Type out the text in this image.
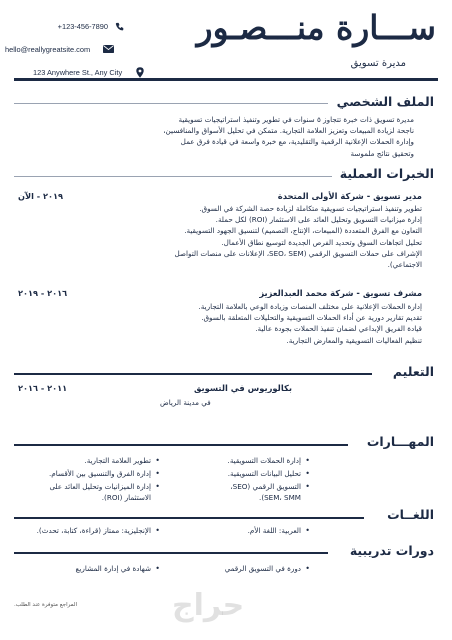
+123-456-7890
hello@reallygreatsite.com
123 Anywhere St., Any City
ســـارة منـــصـور
مديرة تسويق
الملف الشخصي
مديرة تسويق ذات خبرة تتجاوز ٥ سنوات في تطوير وتنفيذ استراتيجيات تسويقية
ناجحة لزيادة المبيعات وتعزيز العلامة التجارية. متمكن في تحليل الأسواق والمنافسين،
وإدارة الحملات الإعلانية الرقمية والتقليدية، مع خبرة واسعة في قيادة فرق عمل
وتحقيق نتائج ملموسة
الخبرات العملية
مدير تسويق - شركة الأولى المتحدة
٢٠١٩ - الآن
تطوير وتنفيذ استراتيجيات تسويقية متكاملة لزيادة حصة الشركة في السوق.
إدارة ميزانيات التسويق وتحليل العائد على الاستثمار (ROI) لكل حملة.
التعاون مع الفرق المتعددة (المبيعات، الإنتاج، التصميم) لتنسيق الجهود التسويقية.
تحليل اتجاهات السوق وتحديد الفرص الجديدة لتوسيع نطاق الأعمال.
الإشراف على حملات التسويق الرقمي (SEO، SEM، الإعلانات على منصات التواصل
الاجتماعي).
مشرف تسويق - شركة محمد العبدالعزيز
٢٠١٦ - ٢٠١٩
إدارة الحملات الإعلانية على مختلف المنصات وزيادة الوعي بالعلامة التجارية.
تقديم تقارير دورية عن أداء الحملات التسويقية والتحليلات المتعلقة بالسوق.
قيادة الفريق الإبداعي لضمان تنفيذ الحملات بجودة عالية.
تنظيم الفعاليات التسويقية والمعارض التجارية.
التعليم
بكالوريوس في التسويق
٢٠١١ - ٢٠١٦
في مدينة الرياض
المهـــارات
• إدارة الحملات التسويقية.
• تحليل البيانات التسويقية.
• التسويق الرقمي (SEO،
SEM، SMM).
• تطوير العلامة التجارية.
• إدارة الفرق والتنسيق بين الأقسام.
• إدارة الميزانيات وتحليل العائد على
الاستثمار (ROI).
اللغــات
• العربية: اللغة الأم.
• الإنجليزية: ممتاز (قراءة، كتابة، تحدث).
دورات تدريبية
• دورة في التسويق الرقمي
• شهادة في إدارة المشاريع
حراج
المراجع متوفرة عند الطلب.
